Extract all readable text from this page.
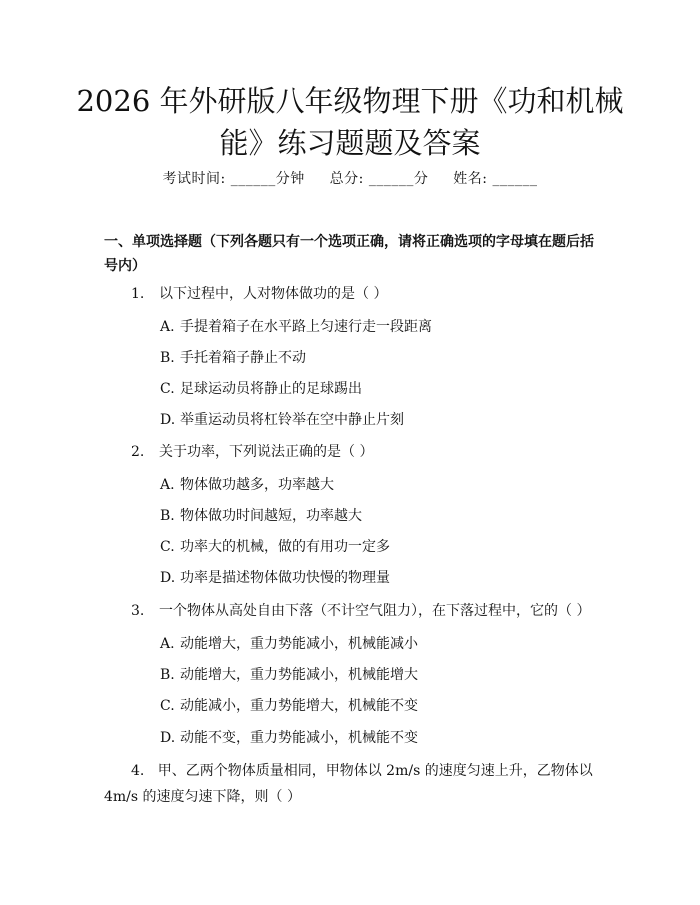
2026 年外研版八年级物理下册《功和机械能》练习题题及答案
考试时间: ______分钟 总分: ______分 姓名: ______
一、单项选择题（下列各题只有一个选项正确，请将正确选项的字母填在题后括号内）
1. 以下过程中，人对物体做功的是（ ）
A. 手提着箱子在水平路上匀速行走一段距离
B. 手托着箱子静止不动
C. 足球运动员将静止的足球踢出
D. 举重运动员将杠铃举在空中静止片刻
2. 关于功率，下列说法正确的是（ ）
A. 物体做功越多，功率越大
B. 物体做功时间越短，功率越大
C. 功率大的机械，做的有用功一定多
D. 功率是描述物体做功快慢的物理量
3. 一个物体从高处自由下落（不计空气阻力），在下落过程中，它的（ ）
A. 动能增大，重力势能减小，机械能减小
B. 动能增大，重力势能减小，机械能增大
C. 动能减小，重力势能增大，机械能不变
D. 动能不变，重力势能减小，机械能不变
4. 甲、乙两个物体质量相同，甲物体以 2m/s 的速度匀速上升，乙物体以 4m/s 的速度匀速下降，则（ ）
